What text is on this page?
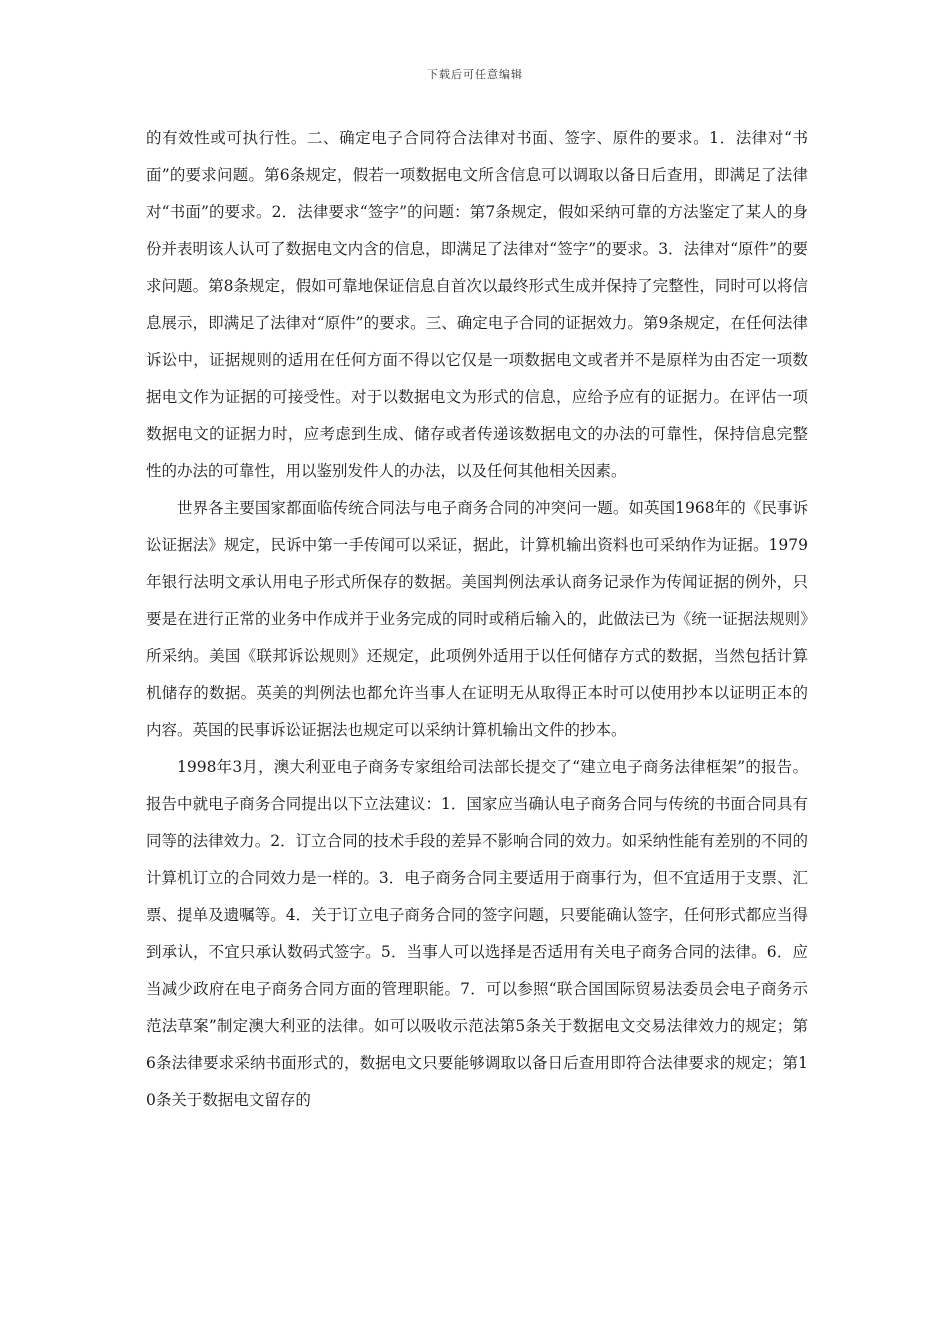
下载后可任意编辑

的有效性或可执行性。二、确定电子合同符合法律对书面、签字、原件的要求。1．法律对“书面”的要求问题。第6条规定，假若一项数据电文所含信息可以调取以备日后查用，即满足了法律对“书面”的要求。2．法律要求“签字”的问题：第7条规定，假如采纳可靠的方法鉴定了某人的身份并表明该人认可了数据电文内含的信息，即满足了法律对“签字”的要求。3．法律对“原件”的要求问题。第8条规定，假如可靠地保证信息自首次以最终形式生成并保持了完整性，同时可以将信息展示，即满足了法律对“原件”的要求。三、确定电子合同的证据效力。第9条规定，在任何法律诉讼中，证据规则的适用在任何方面不得以它仅是一项数据电文或者并不是原样为由否定一项数据电文作为证据的可接受性。对于以数据电文为形式的信息，应给予应有的证据力。在评估一项数据电文的证据力时，应考虑到生成、储存或者传递该数据电文的办法的可靠性，保持信息完整性的办法的可靠性，用以鉴别发件人的办法，以及任何其他相关因素。

世界各主要国家都面临传统合同法与电子商务合同的冲突问一题。如英国1968年的《民事诉讼证据法》规定，民诉中第一手传闻可以采证，据此，计算机输出资料也可采纳作为证据。1979年银行法明文承认用电子形式所保存的数据。美国判例法承认商务记录作为传闻证据的例外，只要是在进行正常的业务中作成并于业务完成的同时或稍后输入的，此做法已为《统一证据法规则》所采纳。美国《联邦诉讼规则》还规定，此项例外适用于以任何储存方式的数据，当然包括计算机储存的数据。英美的判例法也都允许当事人在证明无从取得正本时可以使用抄本以证明正本的内容。英国的民事诉讼证据法也规定可以采纳计算机输出文件的抄本。

1998年3月，澳大利亚电子商务专家组给司法部长提交了“建立电子商务法律框架”的报告。报告中就电子商务合同提出以下立法建议：1．国家应当确认电子商务合同与传统的书面合同具有同等的法律效力。2．订立合同的技术手段的差异不影响合同的效力。如采纳性能有差别的不同的计算机订立的合同效力是一样的。3．电子商务合同主要适用于商事行为，但不宜适用于支票、汇票、提单及遗嘱等。4．关于订立电子商务合同的签字问题，只要能确认签字，任何形式都应当得到承认，不宜只承认数码式签字。5．当事人可以选择是否适用有关电子商务合同的法律。6．应当减少政府在电子商务合同方面的管理职能。7．可以参照“联合国国际贸易法委员会电子商务示范法草案”制定澳大利亚的法律。如可以吸收示范法第5条关于数据电文交易法律效力的规定；第6条法律要求采纳书面形式的，数据电文只要能够调取以备日后查用即符合法律要求的规定；第10条关于数据电文留存的
